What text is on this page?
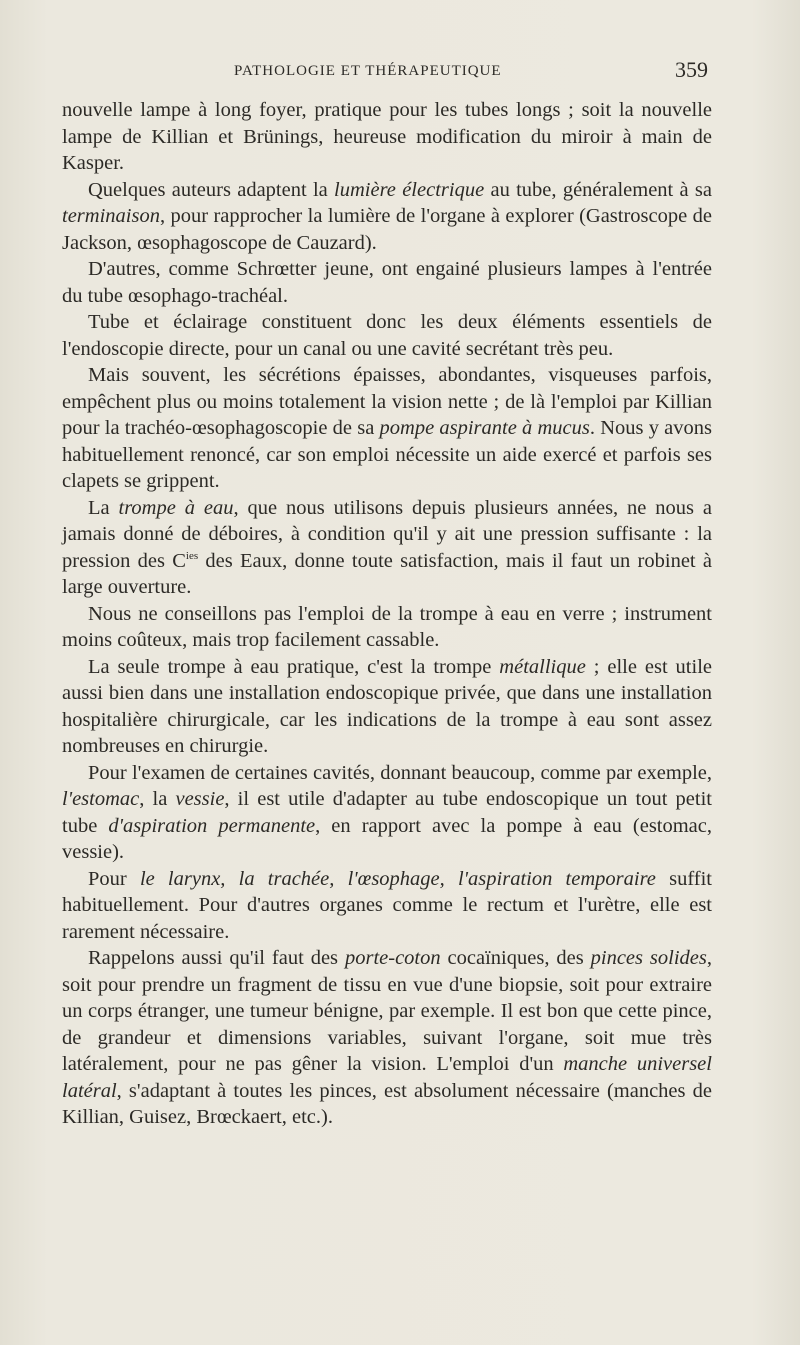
PATHOLOGIE ET THÉRAPEUTIQUE	359

nouvelle lampe à long foyer, pratique pour les tubes longs ; soit la nouvelle lampe de Killian et Brünings, heureuse modification du miroir à main de Kasper.

Quelques auteurs adaptent la lumière électrique au tube, généralement à sa terminaison, pour rapprocher la lumière de l'organe à explorer (Gastroscope de Jackson, œsophagoscope de Cauzard).

D'autres, comme Schrœtter jeune, ont engainé plusieurs lampes à l'entrée du tube œsophago-trachéal.

Tube et éclairage constituent donc les deux éléments essentiels de l'endoscopie directe, pour un canal ou une cavité secrétant très peu.

Mais souvent, les sécrétions épaisses, abondantes, visqueuses parfois, empêchent plus ou moins totalement la vision nette ; de là l'emploi par Killian pour la trachéo-œsophagoscopie de sa pompe aspirante à mucus. Nous y avons habituellement renoncé, car son emploi nécessite un aide exercé et parfois ses clapets se grippent.

La trompe à eau, que nous utilisons depuis plusieurs années, ne nous a jamais donné de déboires, à condition qu'il y ait une pression suffisante : la pression des $C^{ies}$ des Eaux, donne toute satisfaction, mais il faut un robinet à large ouverture.

Nous ne conseillons pas l'emploi de la trompe à eau en verre ; instrument moins coûteux, mais trop facilement cassable.

La seule trompe à eau pratique, c'est la trompe métallique ; elle est utile aussi bien dans une installation endoscopique privée, que dans une installation hospitalière chirurgicale, car les indications de la trompe à eau sont assez nombreuses en chirurgie.

Pour l'examen de certaines cavités, donnant beaucoup, comme par exemple, l'estomac, la vessie, il est utile d'adapter au tube endoscopique un tout petit tube d'aspiration permanente, en rapport avec la pompe à eau (estomac, vessie).

Pour le larynx, la trachée, l'œsophage, l'aspiration temporaire suffit habituellement. Pour d'autres organes comme le rectum et l'urètre, elle est rarement nécessaire.

Rappelons aussi qu'il faut des porte-coton cocaïniques, des pinces solides, soit pour prendre un fragment de tissu en vue d'une biopsie, soit pour extraire un corps étranger, une tumeur bénigne, par exemple. Il est bon que cette pince, de grandeur et dimensions variables, suivant l'organe, soit mue très latéralement, pour ne pas gêner la vision. L'emploi d'un manche universel latéral, s'adaptant à toutes les pinces, est absolument nécessaire (manches de Killian, Guisez, Brœckaert, etc.).
